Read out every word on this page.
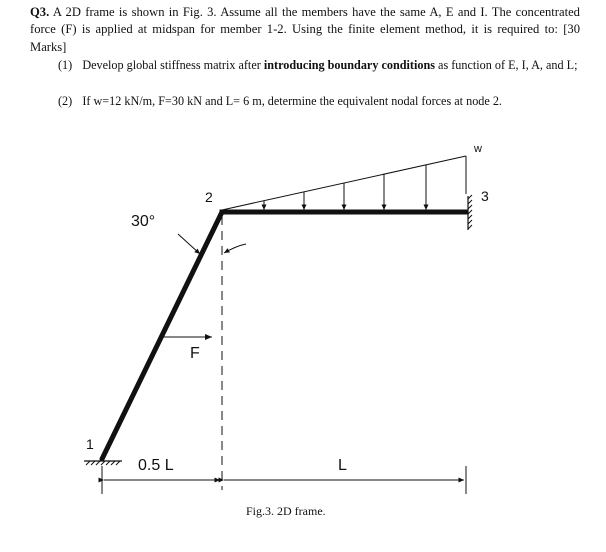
Q3. A 2D frame is shown in Fig. 3. Assume all the members have the same A, E and I. The concentrated force (F) is applied at midspan for member 1-2. Using the finite element method, it is required to: [30 Marks]
(1) Develop global stiffness matrix after introducing boundary conditions as function of E, I, A, and L;
(2) If w=12 kN/m, F=30 kN and L= 6 m, determine the equivalent nodal forces at node 2.
F
30°
1
2	3
w
0.5 L	L
Fig.3. 2D frame.
